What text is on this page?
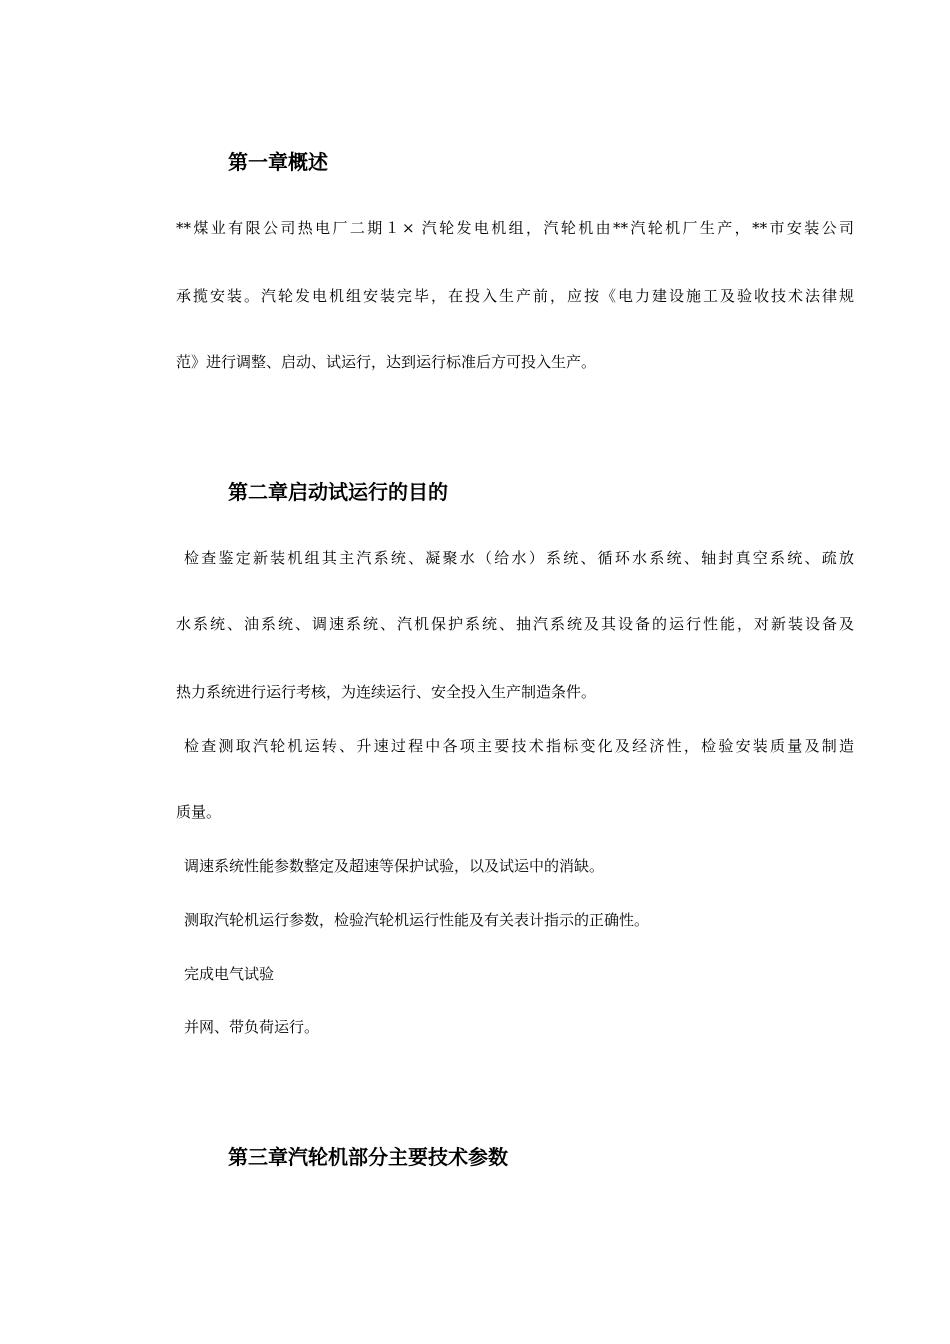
第一章概述

**煤业有限公司热电厂二期１× 汽轮发电机组，汽轮机由**汽轮机厂生产，**市安装公司

承揽安装。汽轮发电机组安装完毕，在投入生产前，应按《电力建设施工及验收技术法律规

范》进行调整、启动、试运行，达到运行标准后方可投入生产。

第二章启动试运行的目的

检查鉴定新装机组其主汽系统、凝聚水（给水）系统、循环水系统、轴封真空系统、疏放

水系统、油系统、调速系统、汽机保护系统、抽汽系统及其设备的运行性能，对新装设备及

热力系统进行运行考核，为连续运行、安全投入生产制造条件。

检查测取汽轮机运转、升速过程中各项主要技术指标变化及经济性，检验安装质量及制造

质量。

调速系统性能参数整定及超速等保护试验，以及试运中的消缺。

测取汽轮机运行参数，检验汽轮机运行性能及有关表计指示的正确性。

完成电气试验

并网、带负荷运行。

第三章汽轮机部分主要技术参数
